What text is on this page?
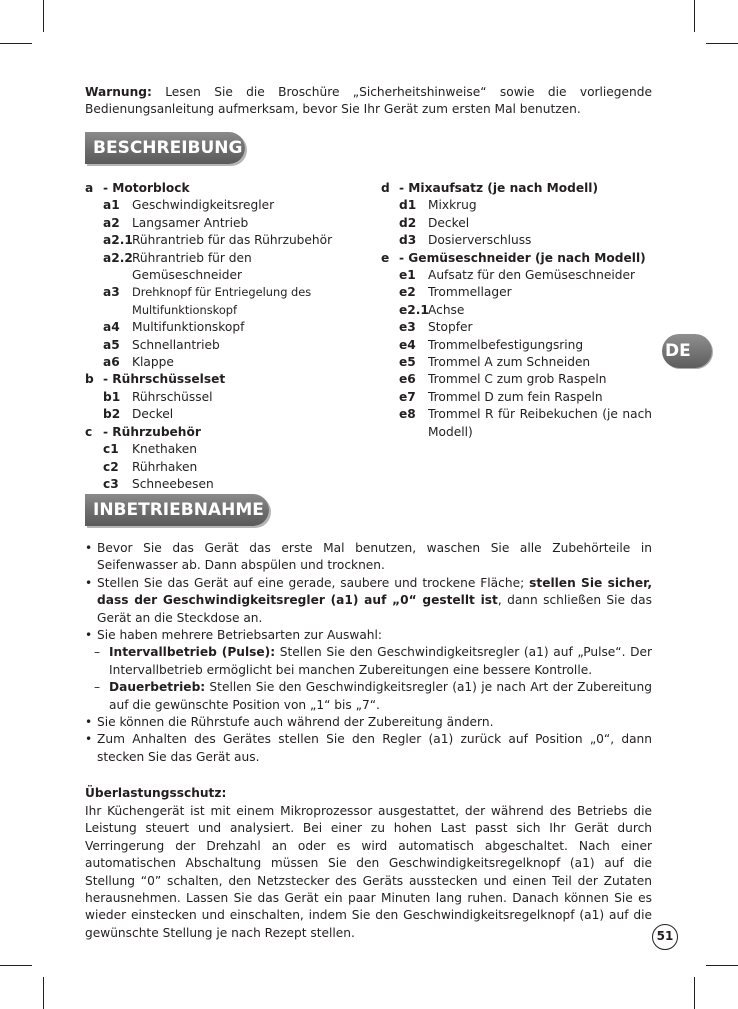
Warnung: Lesen Sie die Broschüre „Sicherheitshinweise“ sowie die vorliegende Bedienungsanleitung aufmerksam, bevor Sie Ihr Gerät zum ersten Mal benutzen.

BESCHREIBUNG
a - Motorblock
a1	Geschwindigkeitsregler
a2	Langsamer Antrieb
a2.1 Rührantrieb für das Rührzubehör
a2.2 Rührantrieb für den Gemüseschneider
a3	Drehknopf für Entriegelung des Multifunktionskopf
a4	Multifunktionskopf
a5	Schnellantrieb
a6	Klappe
b - Rührschüsselset
b1 Rührschüssel
b2 Deckel
c - Rührzubehör
c1	Knethaken
c2	Rührhaken
c3	Schneebesen
d - Mixaufsatz (je nach Modell)
d1 Mixkrug
d2 Deckel
d3 Dosierverschluss
e - Gemüseschneider (je nach Modell)
e1	Aufsatz für den Gemüseschneider
e2	Trommellager
e2.1 Achse
e3	Stopfer
e4	Trommelbefestigungsring
e5	Trommel A zum Schneiden
e6	Trommel C zum grob Raspeln
e7	Trommel D zum fein Raspeln
e8	Trommel R für Reibekuchen (je nach Modell)
DE
INBETRIEBNAHME
• Bevor Sie das Gerät das erste Mal benutzen, waschen Sie alle Zubehörteile in Seifenwasser ab. Dann abspülen und trocknen.
• Stellen Sie das Gerät auf eine gerade, saubere und trockene Fläche; stellen Sie sicher, dass der Geschwindigkeitsregler (a1) auf „0“ gestellt ist, dann schließen Sie das Gerät an die Steckdose an.
• Sie haben mehrere Betriebsarten zur Auswahl:
– Intervallbetrieb (Pulse): Stellen Sie den Geschwindigkeitsregler (a1) auf „Pulse“. Der Intervallbetrieb ermöglicht bei manchen Zubereitungen eine bessere Kontrolle.
– Dauerbetrieb: Stellen Sie den Geschwindigkeitsregler (a1) je nach Art der Zubereitung auf die gewünschte Position von „1“ bis „7“.
• Sie können die Rührstufe auch während der Zubereitung ändern.
• Zum Anhalten des Gerätes stellen Sie den Regler (a1) zurück auf Position „0“, dann stecken Sie das Gerät aus.
Überlastungsschutz:

Ihr Küchengerät ist mit einem Mikroprozessor ausgestattet, der während des Betriebs die Leistung steuert und analysiert. Bei einer zu hohen Last passt sich Ihr Gerät durch Verringerung der Drehzahl an oder es wird automatisch abgeschaltet. Nach einer automatischen Abschaltung müssen Sie den Geschwindigkeitsregelknopf (a1) auf die Stellung “0” schalten, den Netzstecker des Geräts ausstecken und einen Teil der Zutaten herausnehmen. Lassen Sie das Gerät ein paar Minuten lang ruhen. Danach können Sie es wieder einstecken und einschalten, indem Sie den Geschwindigkeitsregelknopf (a1) auf die gewünschte Stellung je nach Rezept stellen.	51
